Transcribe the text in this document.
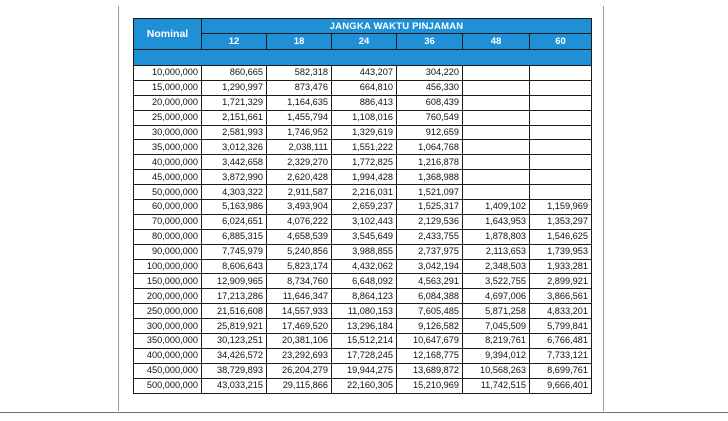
Nominal	JANGKA WAKTU PINJAMAN					
	12	18	24	36	48	60

10,000,000	860,665	582,318	443,207	304,220		
15,000,000	1,290,997	873,476	664,810	456,330		
20,000,000	1,721,329	1,164,635	886,413	608,439		
25,000,000	2,151,661	1,455,794	1,108,016	760,549		
30,000,000	2,581,993	1,746,952	1,329,619	912,659		
35,000,000	3,012,326	2,038,111	1,551,222	1,064,768		
40,000,000	3,442,658	2,329,270	1,772,825	1,216,878		
45,000,000	3,872,990	2,620,428	1,994,428	1,368,988		
50,000,000	4,303,322	2,911,587	2,216,031	1,521,097		
60,000,000	5,163,986	3,493,904	2,659,237	1,525,317	1,409,102	1,159,969
70,000,000	6,024,651	4,076,222	3,102,443	2,129,536	1,643,953	1,353,297
80,000,000	6,885,315	4,658,539	3,545,649	2,433,755	1,878,803	1,546,625
90,000,000	7,745,979	5,240,856	3,988,855	2,737,975	2,113,653	1,739,953
100,000,000	8,606,643	5,823,174	4,432,062	3,042,194	2,348,503	1,933,281
150,000,000	12,909,965	8,734,760	6,648,092	4,563,291	3,522,755	2,899,921
200,000,000	17,213,286	11,646,347	8,864,123	6,084,388	4,697,006	3,866,561
250,000,000	21,516,608	14,557,933	11,080,153	7,605,485	5,871,258	4,833,201
300,000,000	25,819,921	17,469,520	13,296,184	9,126,582	7,045,509	5,799,841
350,000,000	30,123,251	20,381,106	15,512,214	10,647,679	8,219,761	6,766,481
400,000,000	34,426,572	23,292,693	17,728,245	12,168,775	9,394,012	7,733,121
450,000,000	38,729,893	26,204,279	19,944,275	13,689,872	10,568,263	8,699,761
500,000,000	43,033,215	29,115,866	22,160,305	15,210,969	11,742,515	9,666,401
